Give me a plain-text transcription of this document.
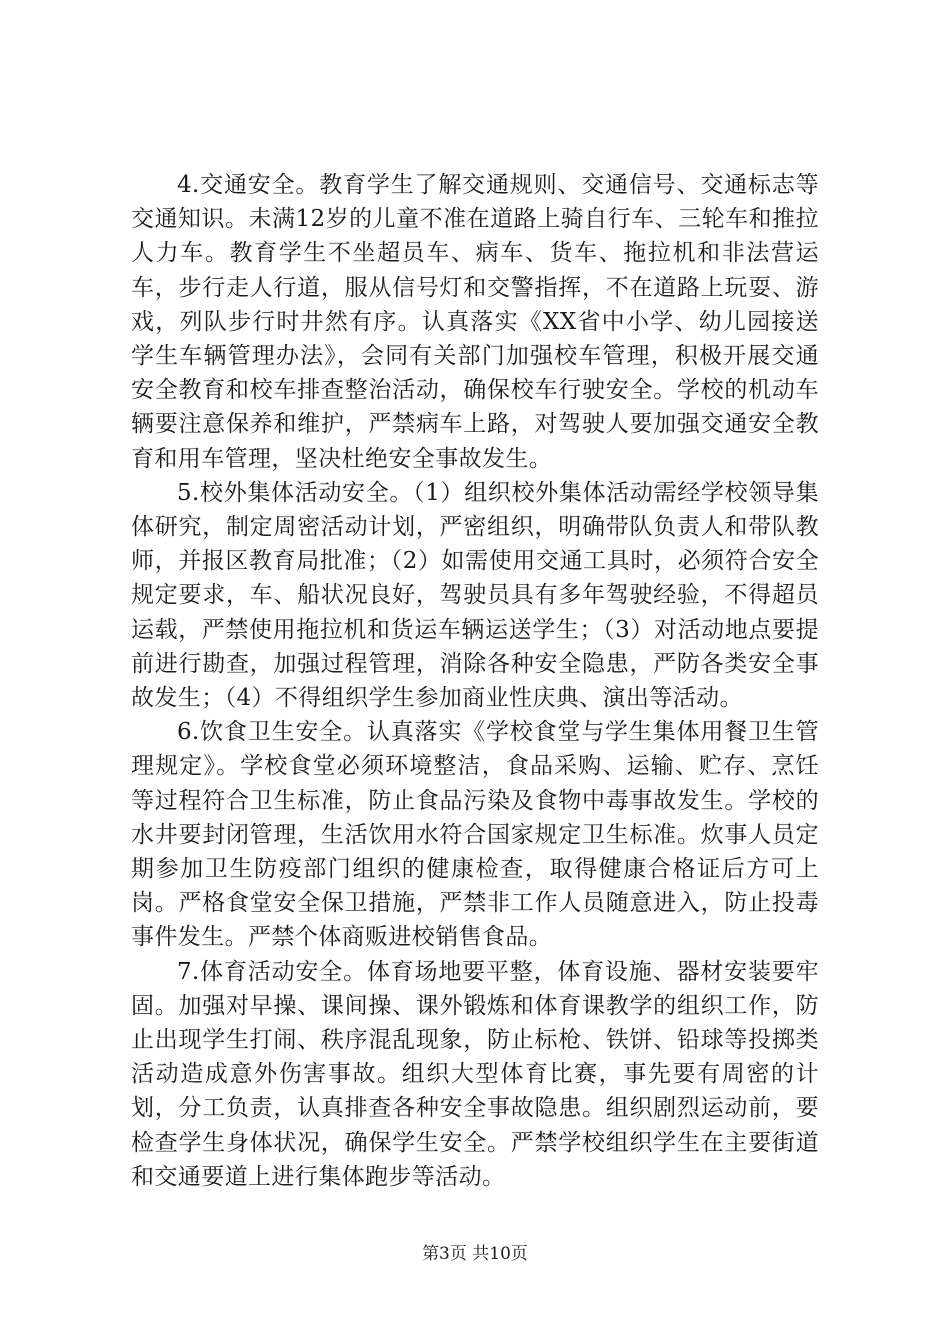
4.交通安全。教育学生了解交通规则、交通信号、交通标志等交通知识。未满12岁的儿童不准在道路上骑自行车、三轮车和推拉人力车。教育学生不坐超员车、病车、货车、拖拉机和非法营运车，步行走人行道，服从信号灯和交警指挥，不在道路上玩耍、游戏，列队步行时井然有序。认真落实《XX省中小学、幼儿园接送学生车辆管理办法》，会同有关部门加强校车管理，积极开展交通安全教育和校车排查整治活动，确保校车行驶安全。学校的机动车辆要注意保养和维护，严禁病车上路，对驾驶人要加强交通安全教育和用车管理，坚决杜绝安全事故发生。

5.校外集体活动安全。（1）组织校外集体活动需经学校领导集体研究，制定周密活动计划，严密组织，明确带队负责人和带队教师，并报区教育局批准；（2）如需使用交通工具时，必须符合安全规定要求，车、船状况良好，驾驶员具有多年驾驶经验，不得超员运载，严禁使用拖拉机和货运车辆运送学生；（3）对活动地点要提前进行勘查，加强过程管理，消除各种安全隐患，严防各类安全事故发生；（4）不得组织学生参加商业性庆典、演出等活动。

6.饮食卫生安全。认真落实《学校食堂与学生集体用餐卫生管理规定》。学校食堂必须环境整洁，食品采购、运输、贮存、烹饪等过程符合卫生标准，防止食品污染及食物中毒事故发生。学校的水井要封闭管理，生活饮用水符合国家规定卫生标准。炊事人员定期参加卫生防疫部门组织的健康检查，取得健康合格证后方可上岗。严格食堂安全保卫措施，严禁非工作人员随意进入，防止投毒事件发生。严禁个体商贩进校销售食品。

7.体育活动安全。体育场地要平整，体育设施、器材安装要牢固。加强对早操、课间操、课外锻炼和体育课教学的组织工作，防止出现学生打闹、秩序混乱现象，防止标枪、铁饼、铅球等投掷类活动造成意外伤害事故。组织大型体育比赛，事先要有周密的计划，分工负责，认真排查各种安全事故隐患。组织剧烈运动前，要检查学生身体状况，确保学生安全。严禁学校组织学生在主要街道和交通要道上进行集体跑步等活动。

第3页 共10页
